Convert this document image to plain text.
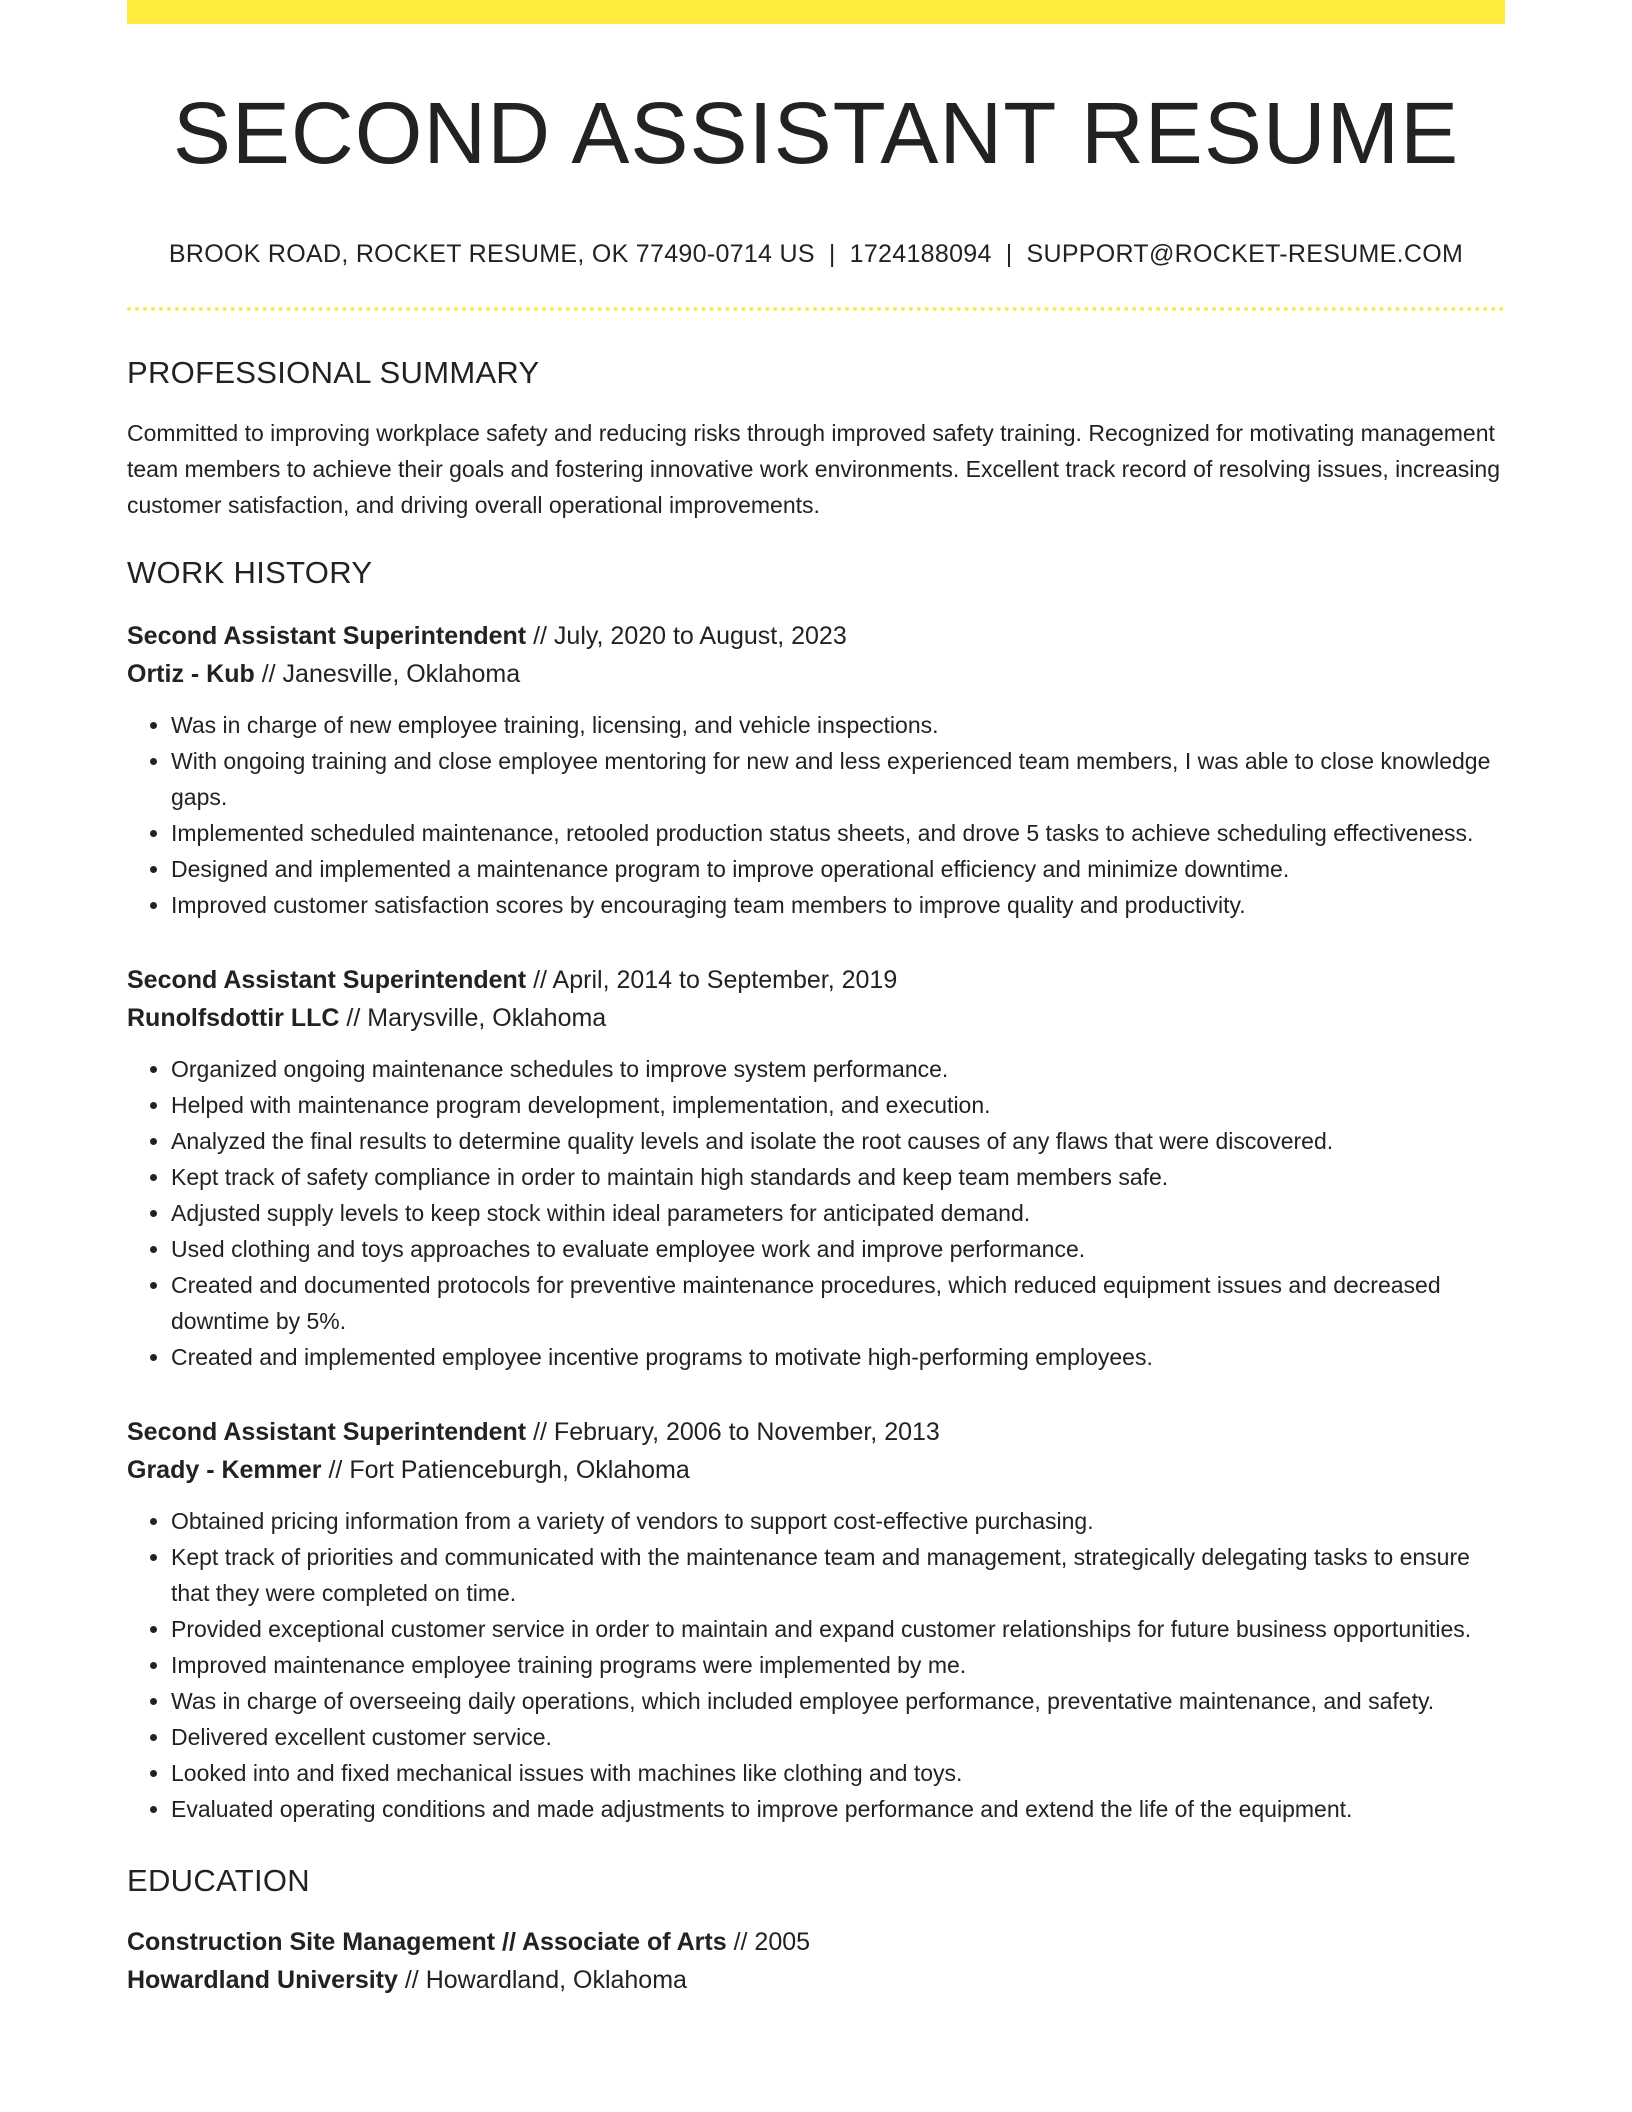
SECOND ASSISTANT RESUME
BROOK ROAD, ROCKET RESUME, OK 77490-0714 US | 1724188094 | SUPPORT@ROCKET-RESUME.COM
PROFESSIONAL SUMMARY

Committed to improving workplace safety and reducing risks through improved safety training. Recognized for motivating management team members to achieve their goals and fostering innovative work environments. Excellent track record of resolving issues, increasing customer satisfaction, and driving overall operational improvements.

WORK HISTORY
Second Assistant Superintendent // July, 2020 to August, 2023
Ortiz - Kub // Janesville, Oklahoma
• Was in charge of new employee training, licensing, and vehicle inspections.
• With ongoing training and close employee mentoring for new and less experienced team members, I was able to close knowledge gaps.
• Implemented scheduled maintenance, retooled production status sheets, and drove 5 tasks to achieve scheduling effectiveness.
• Designed and implemented a maintenance program to improve operational efficiency and minimize downtime.
• Improved customer satisfaction scores by encouraging team members to improve quality and productivity.
Second Assistant Superintendent // April, 2014 to September, 2019
Runolfsdottir LLC // Marysville, Oklahoma
• Organized ongoing maintenance schedules to improve system performance.
• Helped with maintenance program development, implementation, and execution.
• Analyzed the final results to determine quality levels and isolate the root causes of any flaws that were discovered.
• Kept track of safety compliance in order to maintain high standards and keep team members safe.
• Adjusted supply levels to keep stock within ideal parameters for anticipated demand.
• Used clothing and toys approaches to evaluate employee work and improve performance.
• Created and documented protocols for preventive maintenance procedures, which reduced equipment issues and decreased downtime by 5%.
• Created and implemented employee incentive programs to motivate high-performing employees.
Second Assistant Superintendent // February, 2006 to November, 2013
Grady - Kemmer // Fort Patienceburgh, Oklahoma
• Obtained pricing information from a variety of vendors to support cost-effective purchasing.
• Kept track of priorities and communicated with the maintenance team and management, strategically delegating tasks to ensure that they were completed on time.
• Provided exceptional customer service in order to maintain and expand customer relationships for future business opportunities.
• Improved maintenance employee training programs were implemented by me.
• Was in charge of overseeing daily operations, which included employee performance, preventative maintenance, and safety.
• Delivered excellent customer service.
• Looked into and fixed mechanical issues with machines like clothing and toys.
• Evaluated operating conditions and made adjustments to improve performance and extend the life of the equipment.
EDUCATION
Construction Site Management // Associate of Arts // 2005
Howardland University // Howardland, Oklahoma
